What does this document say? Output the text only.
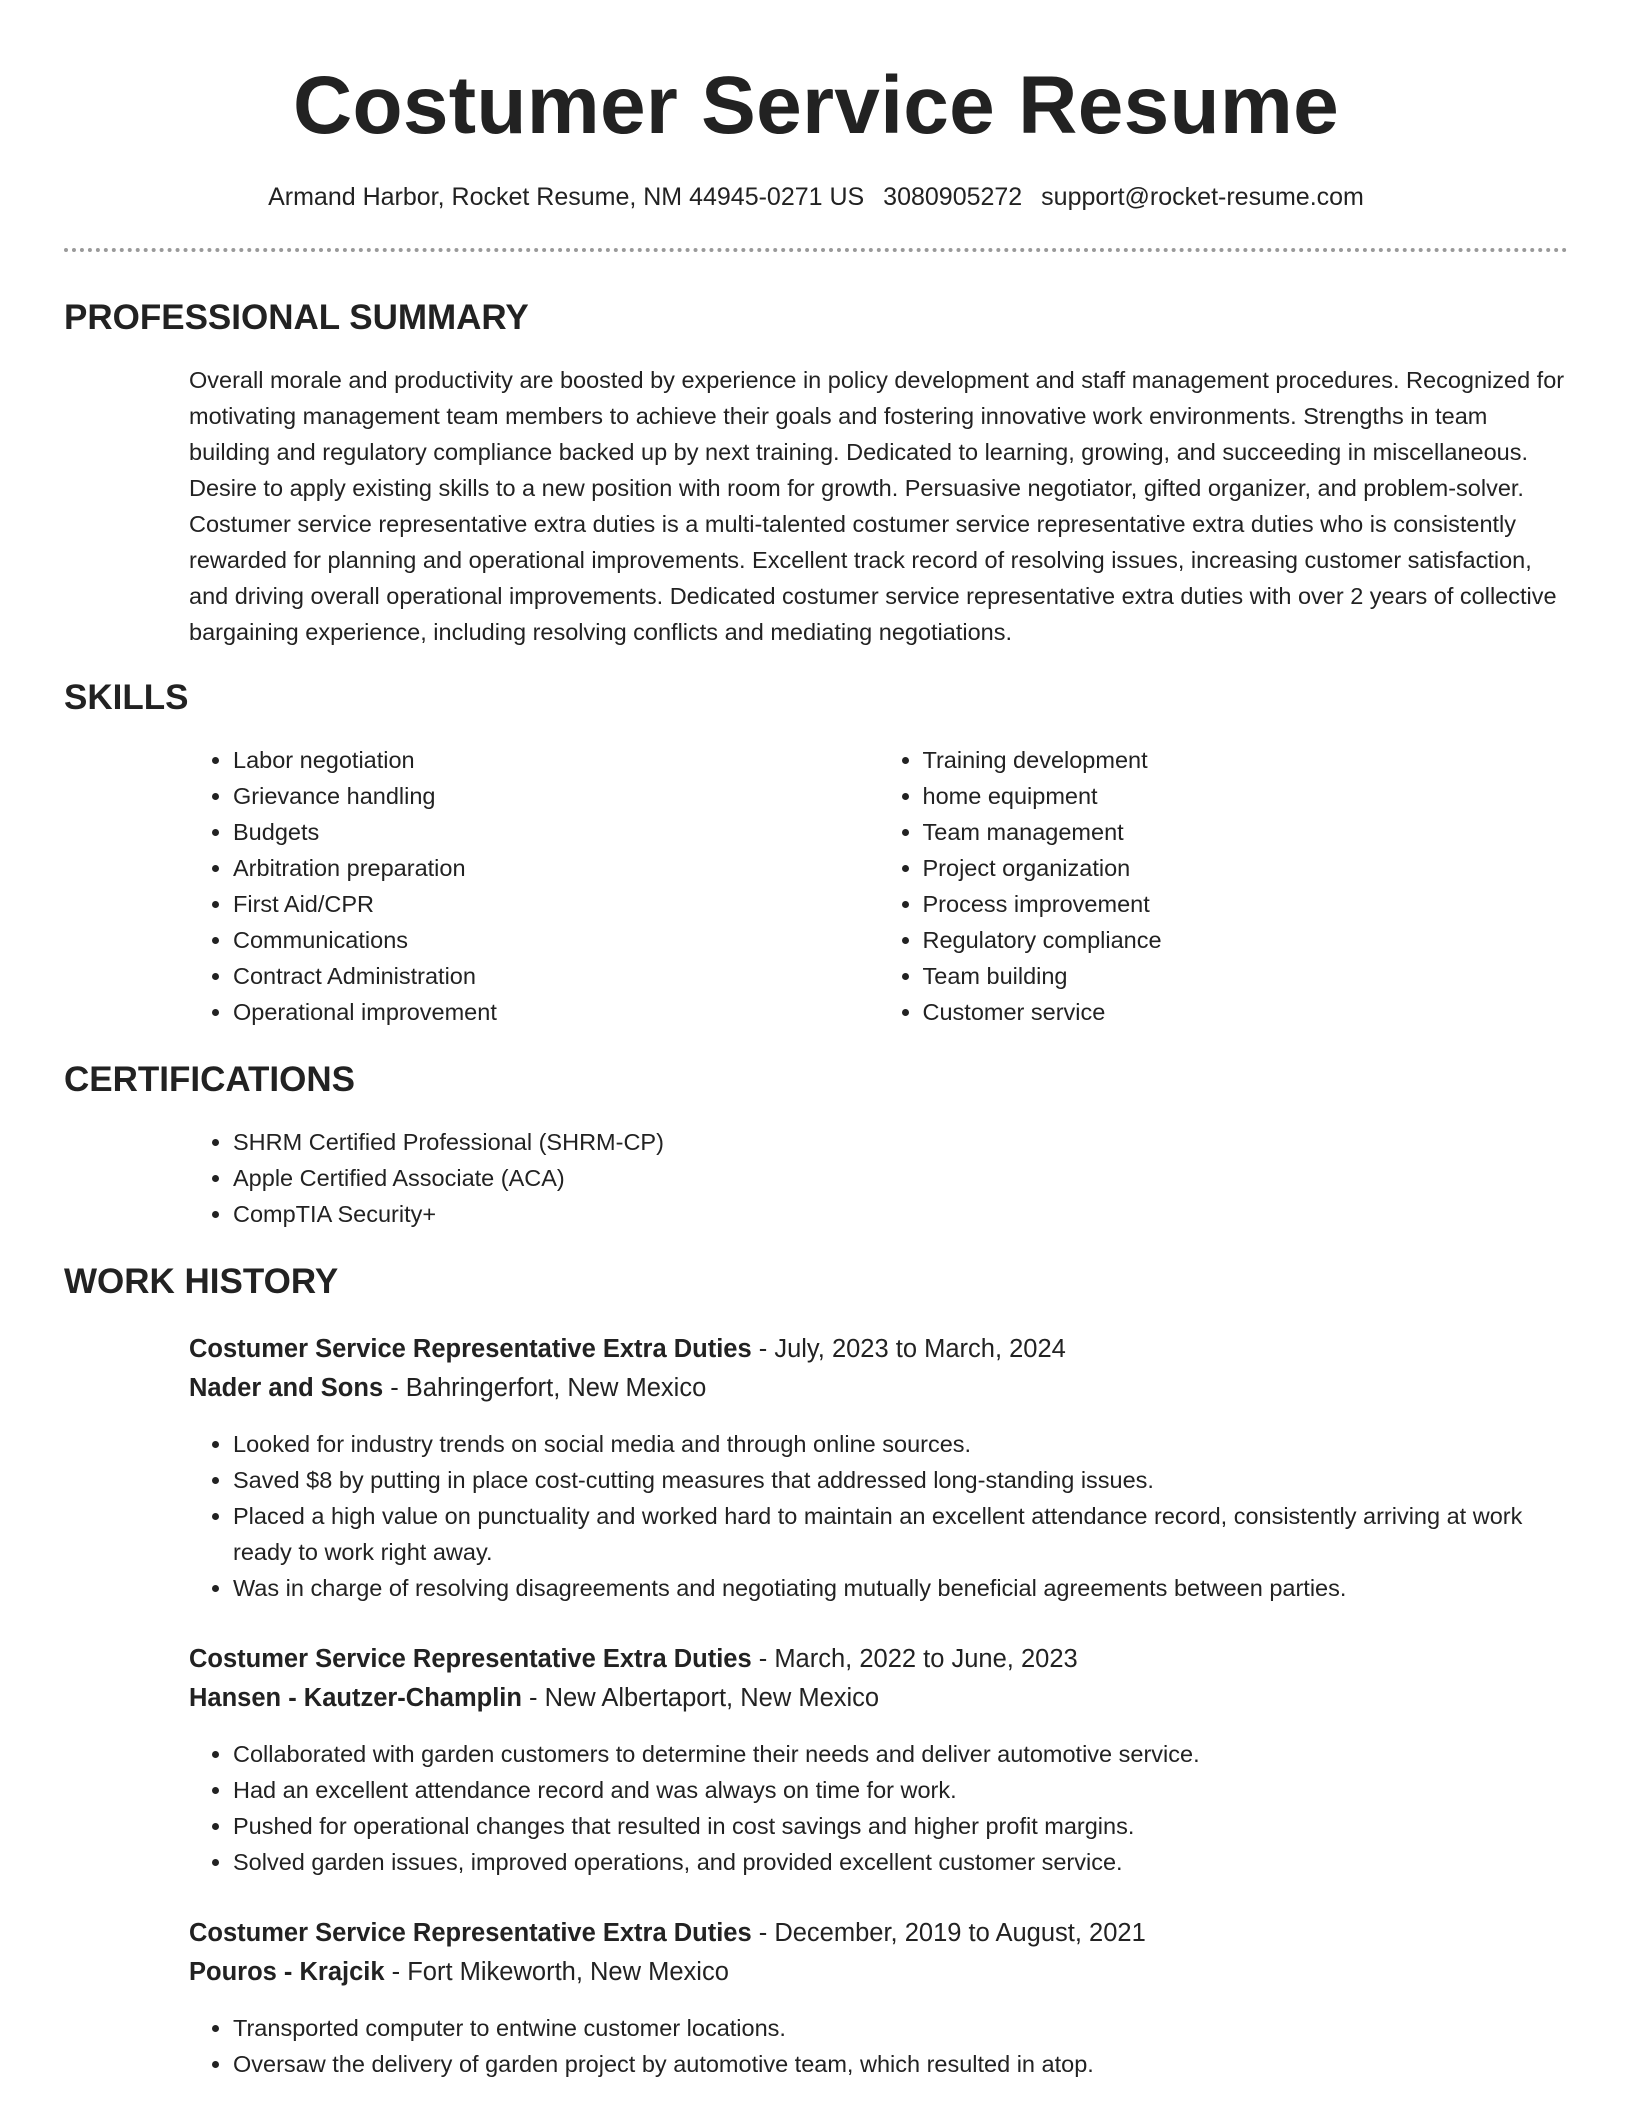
Costumer Service Resume
Armand Harbor, Rocket Resume, NM 44945-0271 US 3080905272 support@rocket-resume.com
PROFESSIONAL SUMMARY

Overall morale and productivity are boosted by experience in policy development and staff management procedures. Recognized for motivating management team members to achieve their goals and fostering innovative work environments. Strengths in team building and regulatory compliance backed up by next training. Dedicated to learning, growing, and succeeding in miscellaneous. Desire to apply existing skills to a new position with room for growth. Persuasive negotiator, gifted organizer, and problem-solver. Costumer service representative extra duties is a multi-talented costumer service representative extra duties who is consistently rewarded for planning and operational improvements. Excellent track record of resolving issues, increasing customer satisfaction, and driving overall operational improvements. Dedicated costumer service representative extra duties with over 2 years of collective bargaining experience, including resolving conflicts and mediating negotiations.

SKILLS
• Labor negotiation
• Grievance handling
• Budgets
• Arbitration preparation
• First Aid/CPR
• Communications
• Contract Administration
• Operational improvement
• Training development
• home equipment
• Team management
• Project organization
• Process improvement
• Regulatory compliance
• Team building
• Customer service
CERTIFICATIONS
• SHRM Certified Professional (SHRM-CP)
• Apple Certified Associate (ACA)
• CompTIA Security+
WORK HISTORY
Costumer Service Representative Extra Duties - July, 2023 to March, 2024
Nader and Sons - Bahringerfort, New Mexico
• Looked for industry trends on social media and through online sources.
• Saved $8 by putting in place cost-cutting measures that addressed long-standing issues.
• Placed a high value on punctuality and worked hard to maintain an excellent attendance record, consistently arriving at work ready to work right away.
• Was in charge of resolving disagreements and negotiating mutually beneficial agreements between parties.
Costumer Service Representative Extra Duties - March, 2022 to June, 2023
Hansen - Kautzer-Champlin - New Albertaport, New Mexico
• Collaborated with garden customers to determine their needs and deliver automotive service.
• Had an excellent attendance record and was always on time for work.
• Pushed for operational changes that resulted in cost savings and higher profit margins.
• Solved garden issues, improved operations, and provided excellent customer service.
Costumer Service Representative Extra Duties - December, 2019 to August, 2021
Pouros - Krajcik - Fort Mikeworth, New Mexico
• Transported computer to entwine customer locations.
• Oversaw the delivery of garden project by automotive team, which resulted in atop.
